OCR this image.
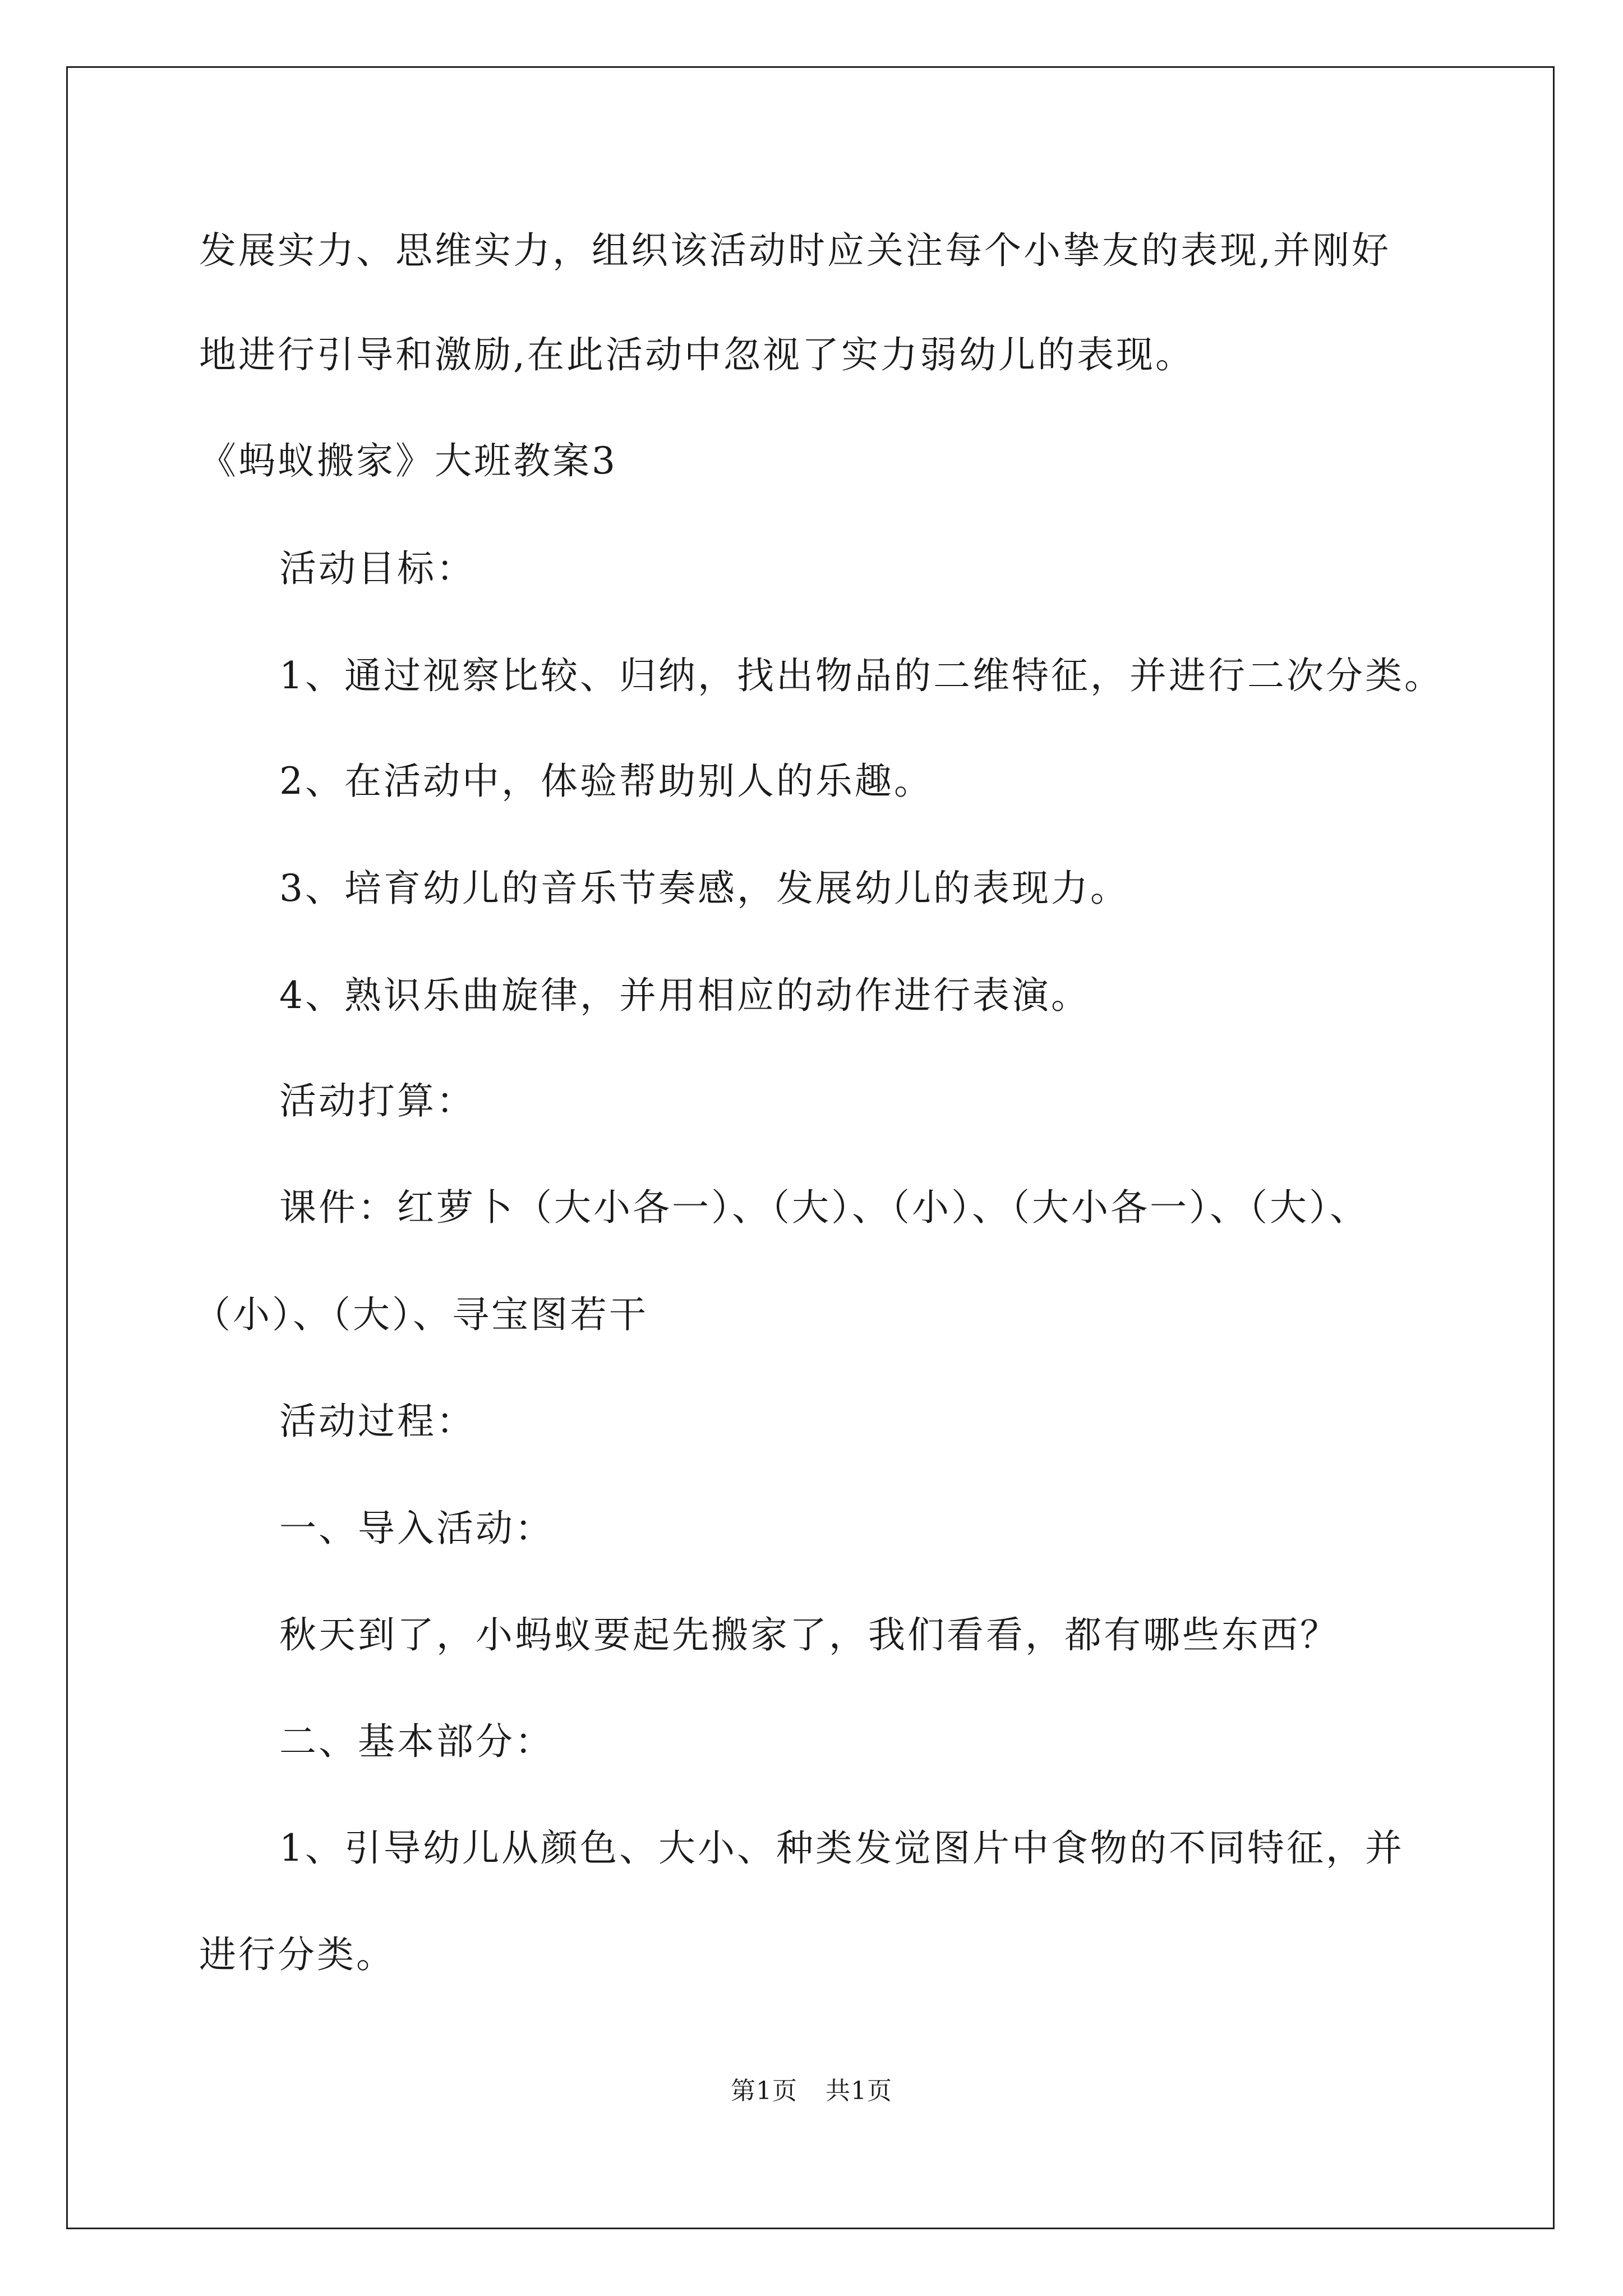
发展实力、思维实力，组织该活动时应关注每个小挚友的表现,并刚好
地进行引导和激励,在此活动中忽视了实力弱幼儿的表现。
《蚂蚁搬家》大班教案3
活动目标：
1、通过视察比较、归纳，找出物品的二维特征，并进行二次分类。
2、在活动中，体验帮助别人的乐趣。
3、培育幼儿的音乐节奏感，发展幼儿的表现力。
4、熟识乐曲旋律，并用相应的动作进行表演。
活动打算：
课件：红萝卜（大小各一）、（大）、（小）、（大小各一）、（大）、
（小）、（大）、寻宝图若干
活动过程：
一、导入活动：
秋天到了，小蚂蚁要起先搬家了，我们看看，都有哪些东西？
二、基本部分：
1、引导幼儿从颜色、大小、种类发觉图片中食物的不同特征，并
进行分类。
第1页 共1页
